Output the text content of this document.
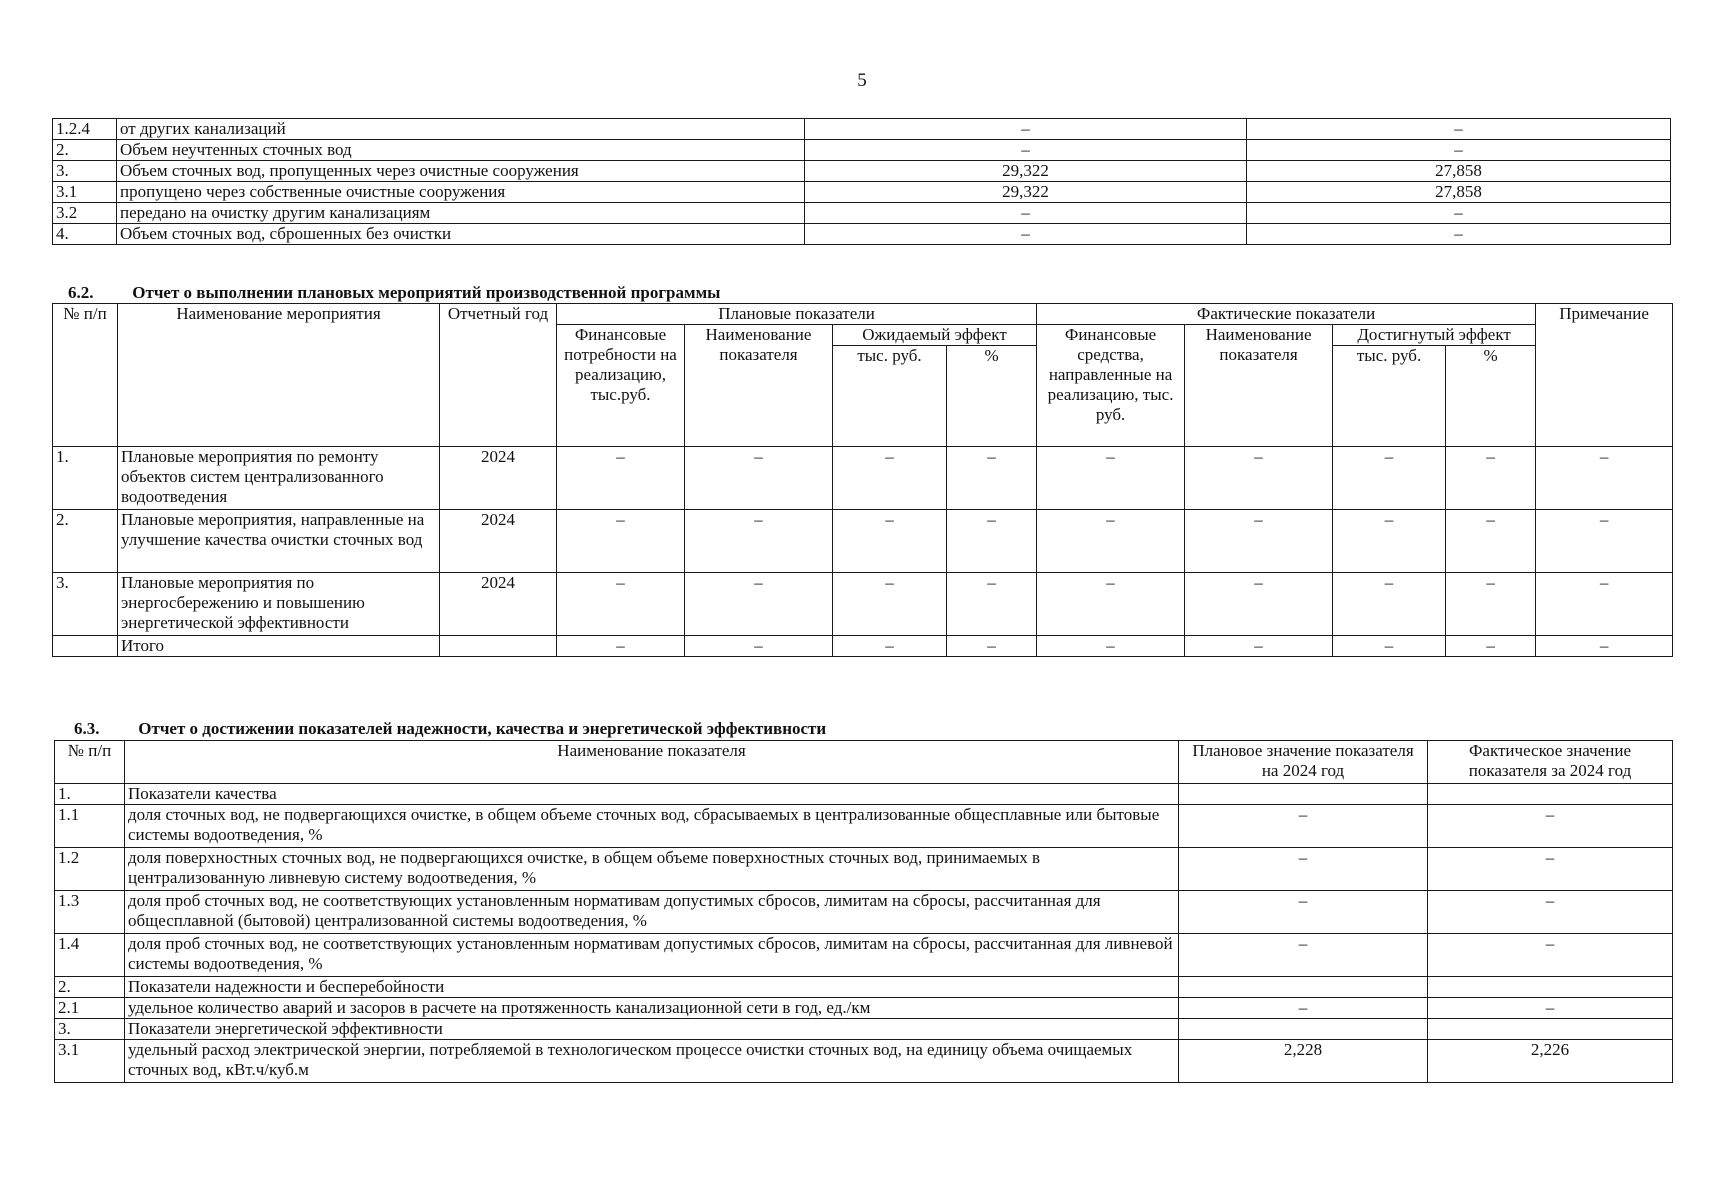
5
1.2.4	от других канализаций	–	–
2.	Объем неучтенных сточных вод	–	–
3.	Объем сточных вод, пропущенных через очистные сооружения	29,322	27,858
3.1	пропущено через собственные очистные сооружения	29,322	27,858
3.2	передано на очистку другим канализациям	–	–
4.	Объем сточных вод, сброшенных без очистки	–	–
6.2. Отчет о выполнении плановых мероприятий производственной программы
№ п/п	Наименование мероприятия	Отчетный год	Плановые показатели				Фактические показатели				Примечание
			Финансовые потребности на реализацию, тыс.руб.	Наименование показателя	Ожидаемый эффект		Финансовые средства, направленные на реализацию, тыс. руб.	Наименование показателя	Достигнутый эффект		
					тыс. руб.	%			тыс. руб.	%	
1.	Плановые мероприятия по ремонту объектов систем централизованного водоотведения	2024	–	–	–	–	–	–	–	–	–
2.	Плановые мероприятия, направленные на улучшение качества очистки сточных вод	2024	–	–	–	–	–	–	–	–	–
3.	Плановые мероприятия по энергосбережению и повышению энергетической эффективности	2024	–	–	–	–	–	–	–	–	–
	Итого		–	–	–	–	–	–	–	–	–
6.3. Отчет о достижении показателей надежности, качества и энергетической эффективности
№ п/п	Наименование показателя	Плановое значение показателя на 2024 год	Фактическое значение показателя за 2024 год
1.	Показатели качества		
1.1	доля сточных вод, не подвергающихся очистке, в общем объеме сточных вод, сбрасываемых в централизованные общесплавные или бытовые системы водоотведения, %	–	–
1.2	доля поверхностных сточных вод, не подвергающихся очистке, в общем объеме поверхностных сточных вод, принимаемых в централизованную ливневую систему водоотведения, %	–	–
1.3	доля проб сточных вод, не соответствующих установленным нормативам допустимых сбросов, лимитам на сбросы, рассчитанная для общесплавной (бытовой) централизованной системы водоотведения, %	–	–
1.4	доля проб сточных вод, не соответствующих установленным нормативам допустимых сбросов, лимитам на сбросы, рассчитанная для ливневой системы водоотведения, %	–	–
2.	Показатели надежности и бесперебойности		
2.1	удельное количество аварий и засоров в расчете на протяженность канализационной сети в год, ед./км	–	–
3.	Показатели энергетической эффективности		
3.1	удельный расход электрической энергии, потребляемой в технологическом процессе очистки сточных вод, на единицу объема очищаемых сточных вод, кВт.ч/куб.м	2,228	2,226
